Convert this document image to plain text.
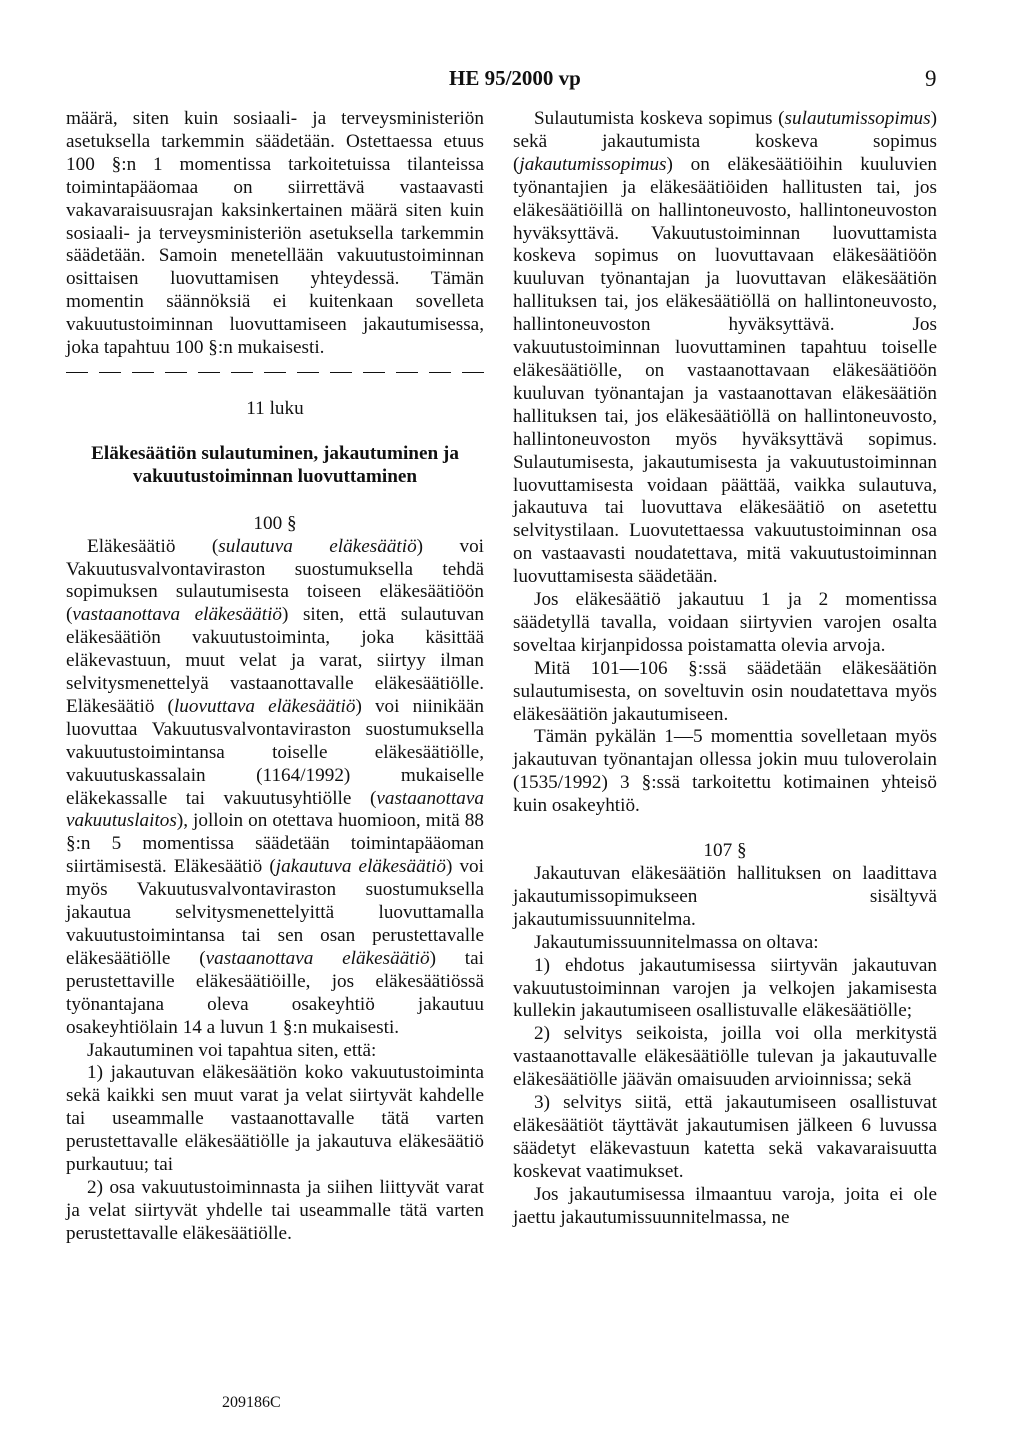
HE 95/2000 vp	9

määrä, siten kuin sosiaali- ja terveysministeriön asetuksella tarkemmin säädetään. Ostettaessa etuus 100 §:n 1 momentissa tarkoitetuissa tilanteissa toimintapääomaa on siirrettävä vastaavasti vakavaraisuusrajan kaksinkertainen määrä siten kuin sosiaali- ja terveysministeriön asetuksella tarkemmin säädetään. Samoin menetellään vakuutustoiminnan osittaisen luovuttamisen yhteydessä. Tämän momentin säännöksiä ei kuitenkaan sovelleta vakuutustoiminnan luovuttamiseen jakautumisessa, joka tapahtuu 100 §:n mukaisesti.

11 luku
Eläkesäätiön sulautuminen, jakautuminen ja vakuutustoiminnan luovuttaminen
100 §

Eläkesäätiö (sulautuva eläkesäätiö) voi Vakuutusvalvontaviraston suostumuksella tehdä sopimuksen sulautumisesta toiseen eläkesäätiöön (vastaanottava eläkesäätiö) siten, että sulautuvan eläkesäätiön vakuutustoiminta, joka käsittää eläkevastuun, muut velat ja varat, siirtyy ilman selvitysmenettelyä vastaanottavalle eläkesäätiölle. Eläkesäätiö (luovuttava eläkesäätiö) voi niinikään luovuttaa Vakuutusvalvontaviraston suostumuksella vakuutustoimintansa toiselle eläkesäätiölle, vakuutuskassalain (1164/1992) mukaiselle eläkekassalle tai vakuutusyhtiölle (vastaanottava vakuutuslaitos), jolloin on otettava huomioon, mitä 88 §:n 5 momentissa säädetään toimintapääoman siirtämisestä. Eläkesäätiö (jakautuva eläkesäätiö) voi myös Vakuutusvalvontaviraston suostumuksella jakautua selvitysmenettelyittä luovuttamalla vakuutustoimintansa tai sen osan perustettavalle eläkesäätiölle (vastaanottava eläkesäätiö) tai perustettaville eläkesäätiöille, jos eläkesäätiössä työnantajana oleva osakeyhtiö jakautuu osakeyhtiölain 14 a luvun 1 §:n mukaisesti.

Jakautuminen voi tapahtua siten, että:

1) jakautuvan eläkesäätiön koko vakuutustoiminta sekä kaikki sen muut varat ja velat siirtyvät kahdelle tai useammalle vastaanottavalle tätä varten perustettavalle eläkesäätiölle ja jakautuva eläkesäätiö purkautuu; tai

2) osa vakuutustoiminnasta ja siihen liittyvät varat ja velat siirtyvät yhdelle tai useammalle tätä varten perustettavalle eläkesäätiölle.

Sulautumista koskeva sopimus (sulautumissopimus) sekä jakautumista koskeva sopimus (jakautumissopimus) on eläkesäätiöihin kuuluvien työnantajien ja eläkesäätiöiden hallitusten tai, jos eläkesäätiöillä on hallintoneuvosto, hallintoneuvoston hyväksyttävä. Vakuutustoiminnan luovuttamista koskeva sopimus on luovuttavaan eläkesäätiöön kuuluvan työnantajan ja luovuttavan eläkesäätiön hallituksen tai, jos eläkesäätiöllä on hallintoneuvosto, hallintoneuvoston hyväksyttävä. Jos vakuutustoiminnan luovuttaminen tapahtuu toiselle eläkesäätiölle, on vastaanottavaan eläkesäätiöön kuuluvan työnantajan ja vastaanottavan eläkesäätiön hallituksen tai, jos eläkesäätiöllä on hallintoneuvosto, hallintoneuvoston myös hyväksyttävä sopimus. Sulautumisesta, jakautumisesta ja vakuutustoiminnan luovuttamisesta voidaan päättää, vaikka sulautuva, jakautuva tai luovuttava eläkesäätiö on asetettu selvitystilaan. Luovutettaessa vakuutustoiminnan osa on vastaavasti noudatettava, mitä vakuutustoiminnan luovuttamisesta säädetään.

Jos eläkesäätiö jakautuu 1 ja 2 momentissa säädetyllä tavalla, voidaan siirtyvien varojen osalta soveltaa kirjanpidossa poistamatta olevia arvoja.

Mitä 101—106 §:ssä säädetään eläkesäätiön sulautumisesta, on soveltuvin osin noudatettava myös eläkesäätiön jakautumiseen.

Tämän pykälän 1—5 momenttia sovelletaan myös jakautuvan työnantajan ollessa jokin muu tuloverolain (1535/1992) 3 §:ssä tarkoitettu kotimainen yhteisö kuin osakeyhtiö.

107 §

Jakautuvan eläkesäätiön hallituksen on laadittava jakautumissopimukseen sisältyvä jakautumissuunnitelma.

Jakautumissuunnitelmassa on oltava:

1) ehdotus jakautumisessa siirtyvän jakautuvan vakuutustoiminnan varojen ja velkojen jakamisesta kullekin jakautumiseen osallistuvalle eläkesäätiölle;

2) selvitys seikoista, joilla voi olla merkitystä vastaanottavalle eläkesäätiölle tulevan ja jakautuvalle eläkesäätiölle jäävän omaisuuden arvioinnissa; sekä

3) selvitys siitä, että jakautumiseen osallistuvat eläkesäätiöt täyttävät jakautumisen jälkeen 6 luvussa säädetyt eläkevastuun katetta sekä vakavaraisuutta koskevat vaatimukset.

Jos jakautumisessa ilmaantuu varoja, joita ei ole jaettu jakautumissuunnitelmassa, ne

209186C
